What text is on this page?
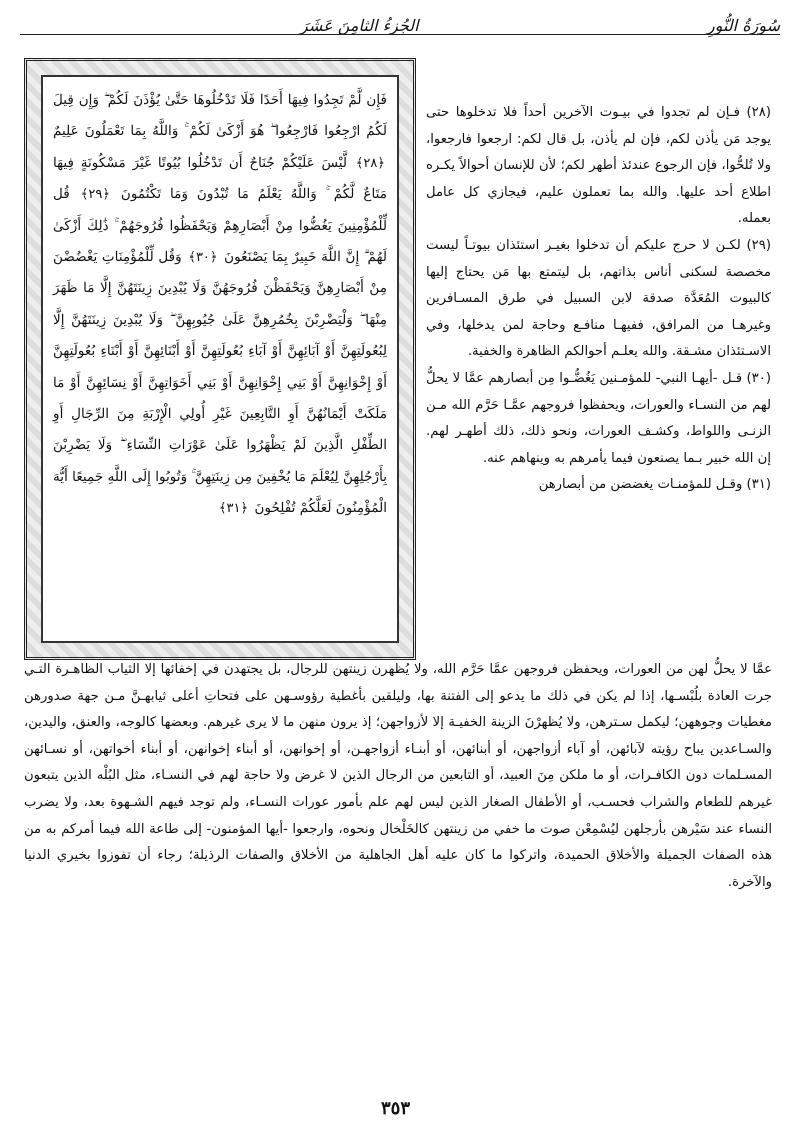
سُورَةُ النُّورِ
الجُزءُ الثامِنَ عَشَرَ
فَإِن لَّمْ تَجِدُوا فِيهَا أَحَدًا فَلَا تَدْخُلُوهَا حَتَّىٰ يُؤْذَنَ لَكُمْ ۖ وَإِن قِيلَ لَكُمُ ارْجِعُوا فَارْجِعُوا ۖ هُوَ أَزْكَىٰ لَكُمْ ۚ وَاللَّهُ بِمَا تَعْمَلُونَ عَلِيمٌ ﴿٢٨﴾ لَّيْسَ عَلَيْكُمْ جُنَاحٌ أَن تَدْخُلُوا بُيُوتًا غَيْرَ مَسْكُونَةٍ فِيهَا مَتَاعٌ لَّكُمْ ۚ وَاللَّهُ يَعْلَمُ مَا تُبْدُونَ وَمَا تَكْتُمُونَ ﴿٢٩﴾ قُل لِّلْمُؤْمِنِينَ يَغُضُّوا مِنْ أَبْصَارِهِمْ وَيَحْفَظُوا فُرُوجَهُمْ ۚ ذَٰلِكَ أَزْكَىٰ لَهُمْ ۗ إِنَّ اللَّهَ خَبِيرٌ بِمَا يَصْنَعُونَ ﴿٣٠﴾ وَقُل لِّلْمُؤْمِنَاتِ يَغْضُضْنَ مِنْ أَبْصَارِهِنَّ وَيَحْفَظْنَ فُرُوجَهُنَّ وَلَا يُبْدِينَ زِينَتَهُنَّ إِلَّا مَا ظَهَرَ مِنْهَا ۖ وَلْيَضْرِبْنَ بِخُمُرِهِنَّ عَلَىٰ جُيُوبِهِنَّ ۖ وَلَا يُبْدِينَ زِينَتَهُنَّ إِلَّا لِبُعُولَتِهِنَّ أَوْ آبَائِهِنَّ أَوْ آبَاءِ بُعُولَتِهِنَّ أَوْ أَبْنَائِهِنَّ أَوْ أَبْنَاءِ بُعُولَتِهِنَّ أَوْ إِخْوَانِهِنَّ أَوْ بَنِي إِخْوَانِهِنَّ أَوْ بَنِي أَخَوَاتِهِنَّ أَوْ نِسَائِهِنَّ أَوْ مَا مَلَكَتْ أَيْمَانُهُنَّ أَوِ التَّابِعِينَ غَيْرِ أُولِي الْإِرْبَةِ مِنَ الرِّجَالِ أَوِ الطِّفْلِ الَّذِينَ لَمْ يَظْهَرُوا عَلَىٰ عَوْرَاتِ النِّسَاءِ ۖ وَلَا يَضْرِبْنَ بِأَرْجُلِهِنَّ لِيُعْلَمَ مَا يُخْفِينَ مِن زِينَتِهِنَّ ۚ وَتُوبُوا إِلَى اللَّهِ جَمِيعًا أَيُّهَ الْمُؤْمِنُونَ لَعَلَّكُمْ تُفْلِحُونَ ﴿٣١﴾

(٢٨) فـإن لم تجدوا في بيـوت الآخرين أحداً فلا تدخلوها حتى يوجد مَن يأذن لكم، فإن لم يأذن، بل قال لكم: ارجعوا فارجعوا، ولا تُلحُّوا، فإن الرجوع عندئذ أطهر لكم؛ لأن للإنسان أحوالاً يكـره اطلاع أحد عليها. والله بما تعملون عليم، فيجازي كل عامل بعمله.

(٢٩) لكـن لا حرج عليكم أن تدخلوا بغيـر استئذان بيوتـاً ليست مخصصة لسكنى أناس بذاتهم، بل ليتمتع بها مَن يحتاج إليها كالبيوت المُعَدَّة صدقة لابن السبيل في طرق المسـافرين وغيرهـا من المرافق، ففيهـا منافـع وحاجة لمن يدخلها، وفي الاسـتئذان مشـقة. والله يعلـم أحوالكم الظاهرة والخفية.

(٣٠) قـل -أيهـا النبي- للمؤمـنين يَغُضُّـوا مِن أبصارهم عمَّا لا يحلُّ لهم من النسـاء والعورات، ويحفظوا فروجهم عمَّـا حَرَّم الله مـن الزنـى واللواط، وكشـف العورات، ونحو ذلك، ذلك أطهـر لهم. إن الله خبير بـما يصنعون فيما يأمرهم به وينهاهم عنه.

(٣١) وقـل للمؤمنـات يغضضن من أبصارهن

عمَّا لا يحلُّ لهن من العورات، ويحفظن فروجهن عمَّا حَرَّم الله، ولا يُظهرن زينتهن للرجال، بل يجتهدن في إخفائها إلا الثياب الظاهـرة التـي جرت العادة بلُبْسـها، إذا لم يكن في ذلك ما يدعو إلى الفتنة بها، وليلقين بأغطية رؤوسـهن على فتحاتِ أعلى ثيابهـنَّ مـن جهة صدورهن مغطيات وجوههن؛ ليكمل سـترهن، ولا يُظهرْنَ الزينة الخفيـة إلا لأزواجهن؛ إذ يرون منهن ما لا يرى غيرهم. وبعضها كالوجه، والعنق، واليدين، والسـاعدين يباح رؤيته لآبائهن، أو آباء أزواجهن، أو أبنائهن، أو أبنـاء أزواجهـن، أو إخوانهن، أو أبناء إخوانهن، أو أبناء أخواتهن، أو نسـائهن المسـلمات دون الكافـرات، أو ما ملكن مِنَ العبيد، أو التابعين من الرجال الذين لا غرض ولا حاجة لهم في النسـاء، مثل البُلْه الذين يتبعون غيرهم للطعام والشراب فحسـب، أو الأطفال الصغار الذين ليس لهم علم بأمور عورات النسـاء، ولم توجد فيهم الشـهوة بعد، ولا يضرب النساء عند سَيْرهن بأرجلهن ليُسْمِعْن صوت ما خفي من زينتهن كالخَلْخال ونحوه، وارجعوا -أيها المؤمنون- إلى طاعة الله فيما أمركم به من هذه الصفات الجميلة والأخلاق الحميدة، واتركوا ما كان عليه أهل الجاهلية من الأخلاق والصفات الرذيلة؛ رجاء أن تفوزوا بخيري الدنيا والآخرة.

٣٥٣
